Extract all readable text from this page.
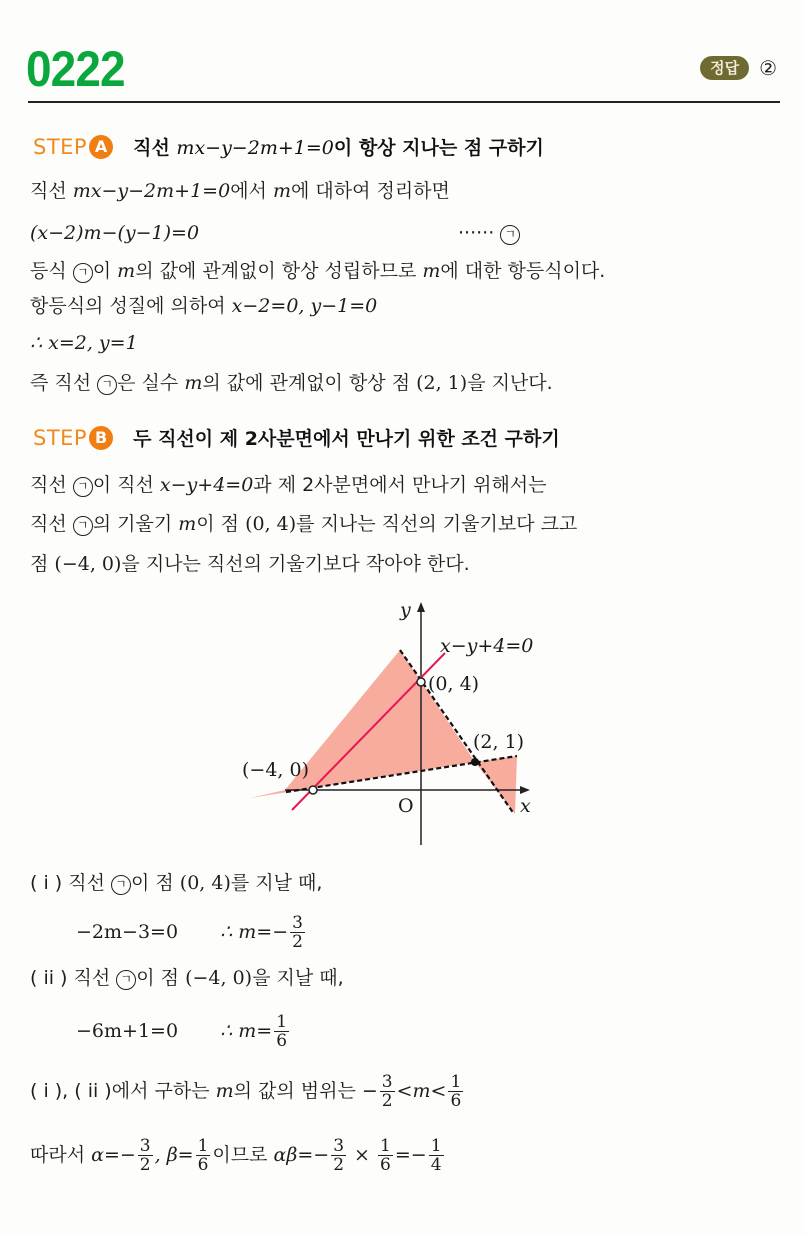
0222	정답	②
STEP A	직선 mx−y−2m+1=0이 항상 지나는 점 구하기
직선 mx−y−2m+1=0에서 m에 대하여 정리하면
(x−2)m−(y−1)=0	······ ㄱ
등식 ㄱ 이 m의 값에 관계없이 항상 성립하므로 m에 대한 항등식이다.
항등식의 성질에 의하여 x−2=0, y−1=0
∴ x=2, y=1
즉 직선 ㄱ 은 실수 m의 값에 관계없이 항상 점 (2, 1)을 지난다.
STEP B	두 직선이 제 2사분면에서 만나기 위한 조건 구하기
직선 ㄱ 이 직선 x−y+4=0과 제 2사분면에서 만나기 위해서는
직선 ㄱ 의 기울기 m이 점 (0, 4)를 지나는 직선의 기울기보다 크고
점 (−4, 0)을 지나는 직선의 기울기보다 작아야 한다.
y
x
O
x−y+4=0
(0, 4)
(2, 1)
(−4, 0)
( i ) 직선 ㄱ 이 점 (0, 4)를 지날 때,
−2m−3=0 ∴ $m=- \frac{3}{2}$
( ii ) 직선 ㄱ 이 점 (−4, 0)을 지날 때,
−6m+1=0 ∴ $m= \frac{1}{6}$
( i ), ( ii )에서 구하는 m의 값의 범위는 − $\frac{3}{2} <m< \frac{1}{6}$
따라서 $\alpha=- \frac{3}{2}$ , $\beta= \frac{1}{6}$ 이므로 $\alpha\beta=- \frac{3}{2} \times \frac{1}{6} =- \frac{1}{4}$
